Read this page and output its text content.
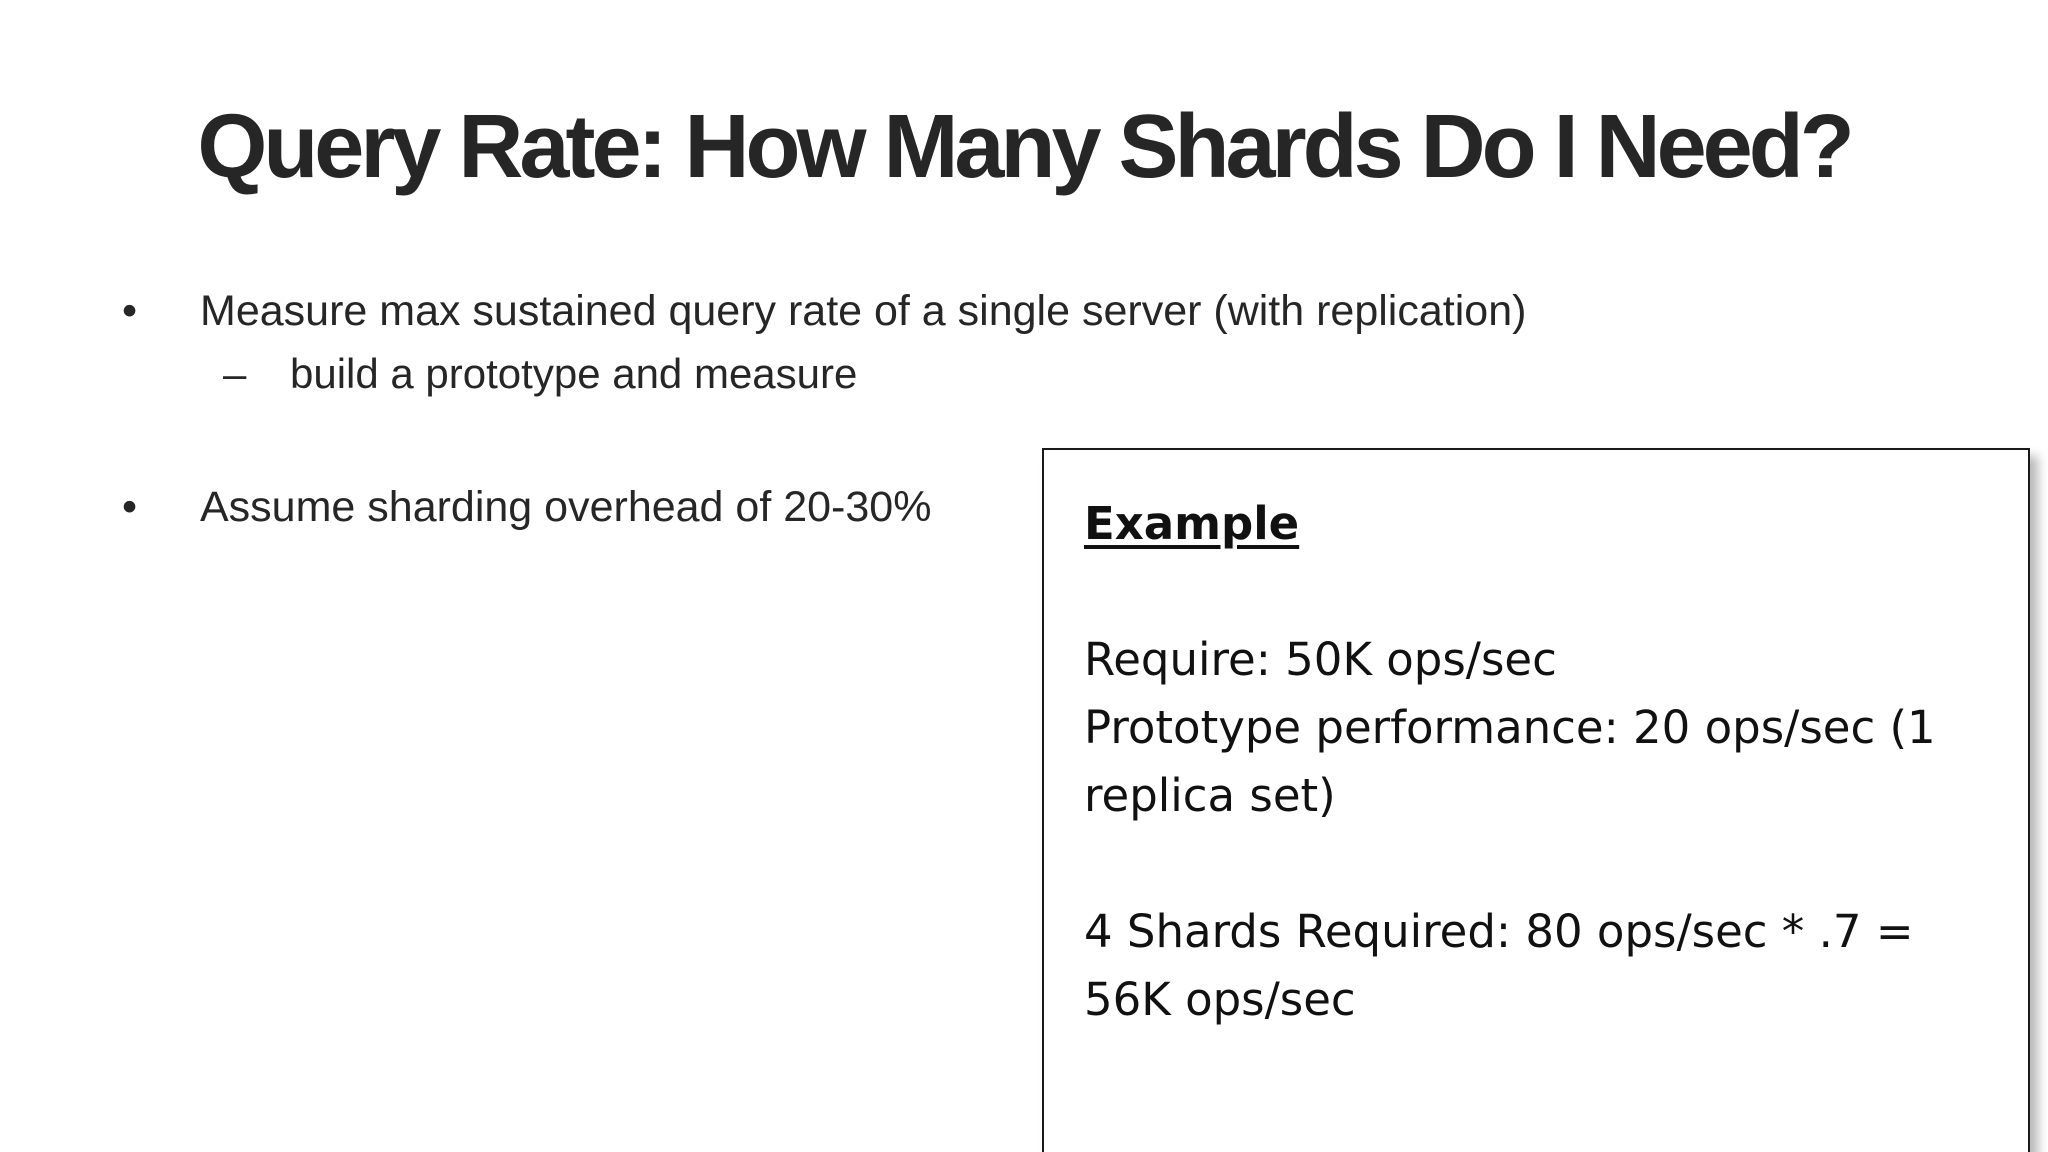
Query Rate: How Many Shards Do I Need?
• Measure max sustained query rate of a single server (with replication)
– build a prototype and measure
• Assume sharding overhead of 20-30%	Example
Require: 50K ops/sec
Prototype performance: 20 ops/sec (1
replica set)
4 Shards Required: 80 ops/sec * .7 =
56K ops/sec
